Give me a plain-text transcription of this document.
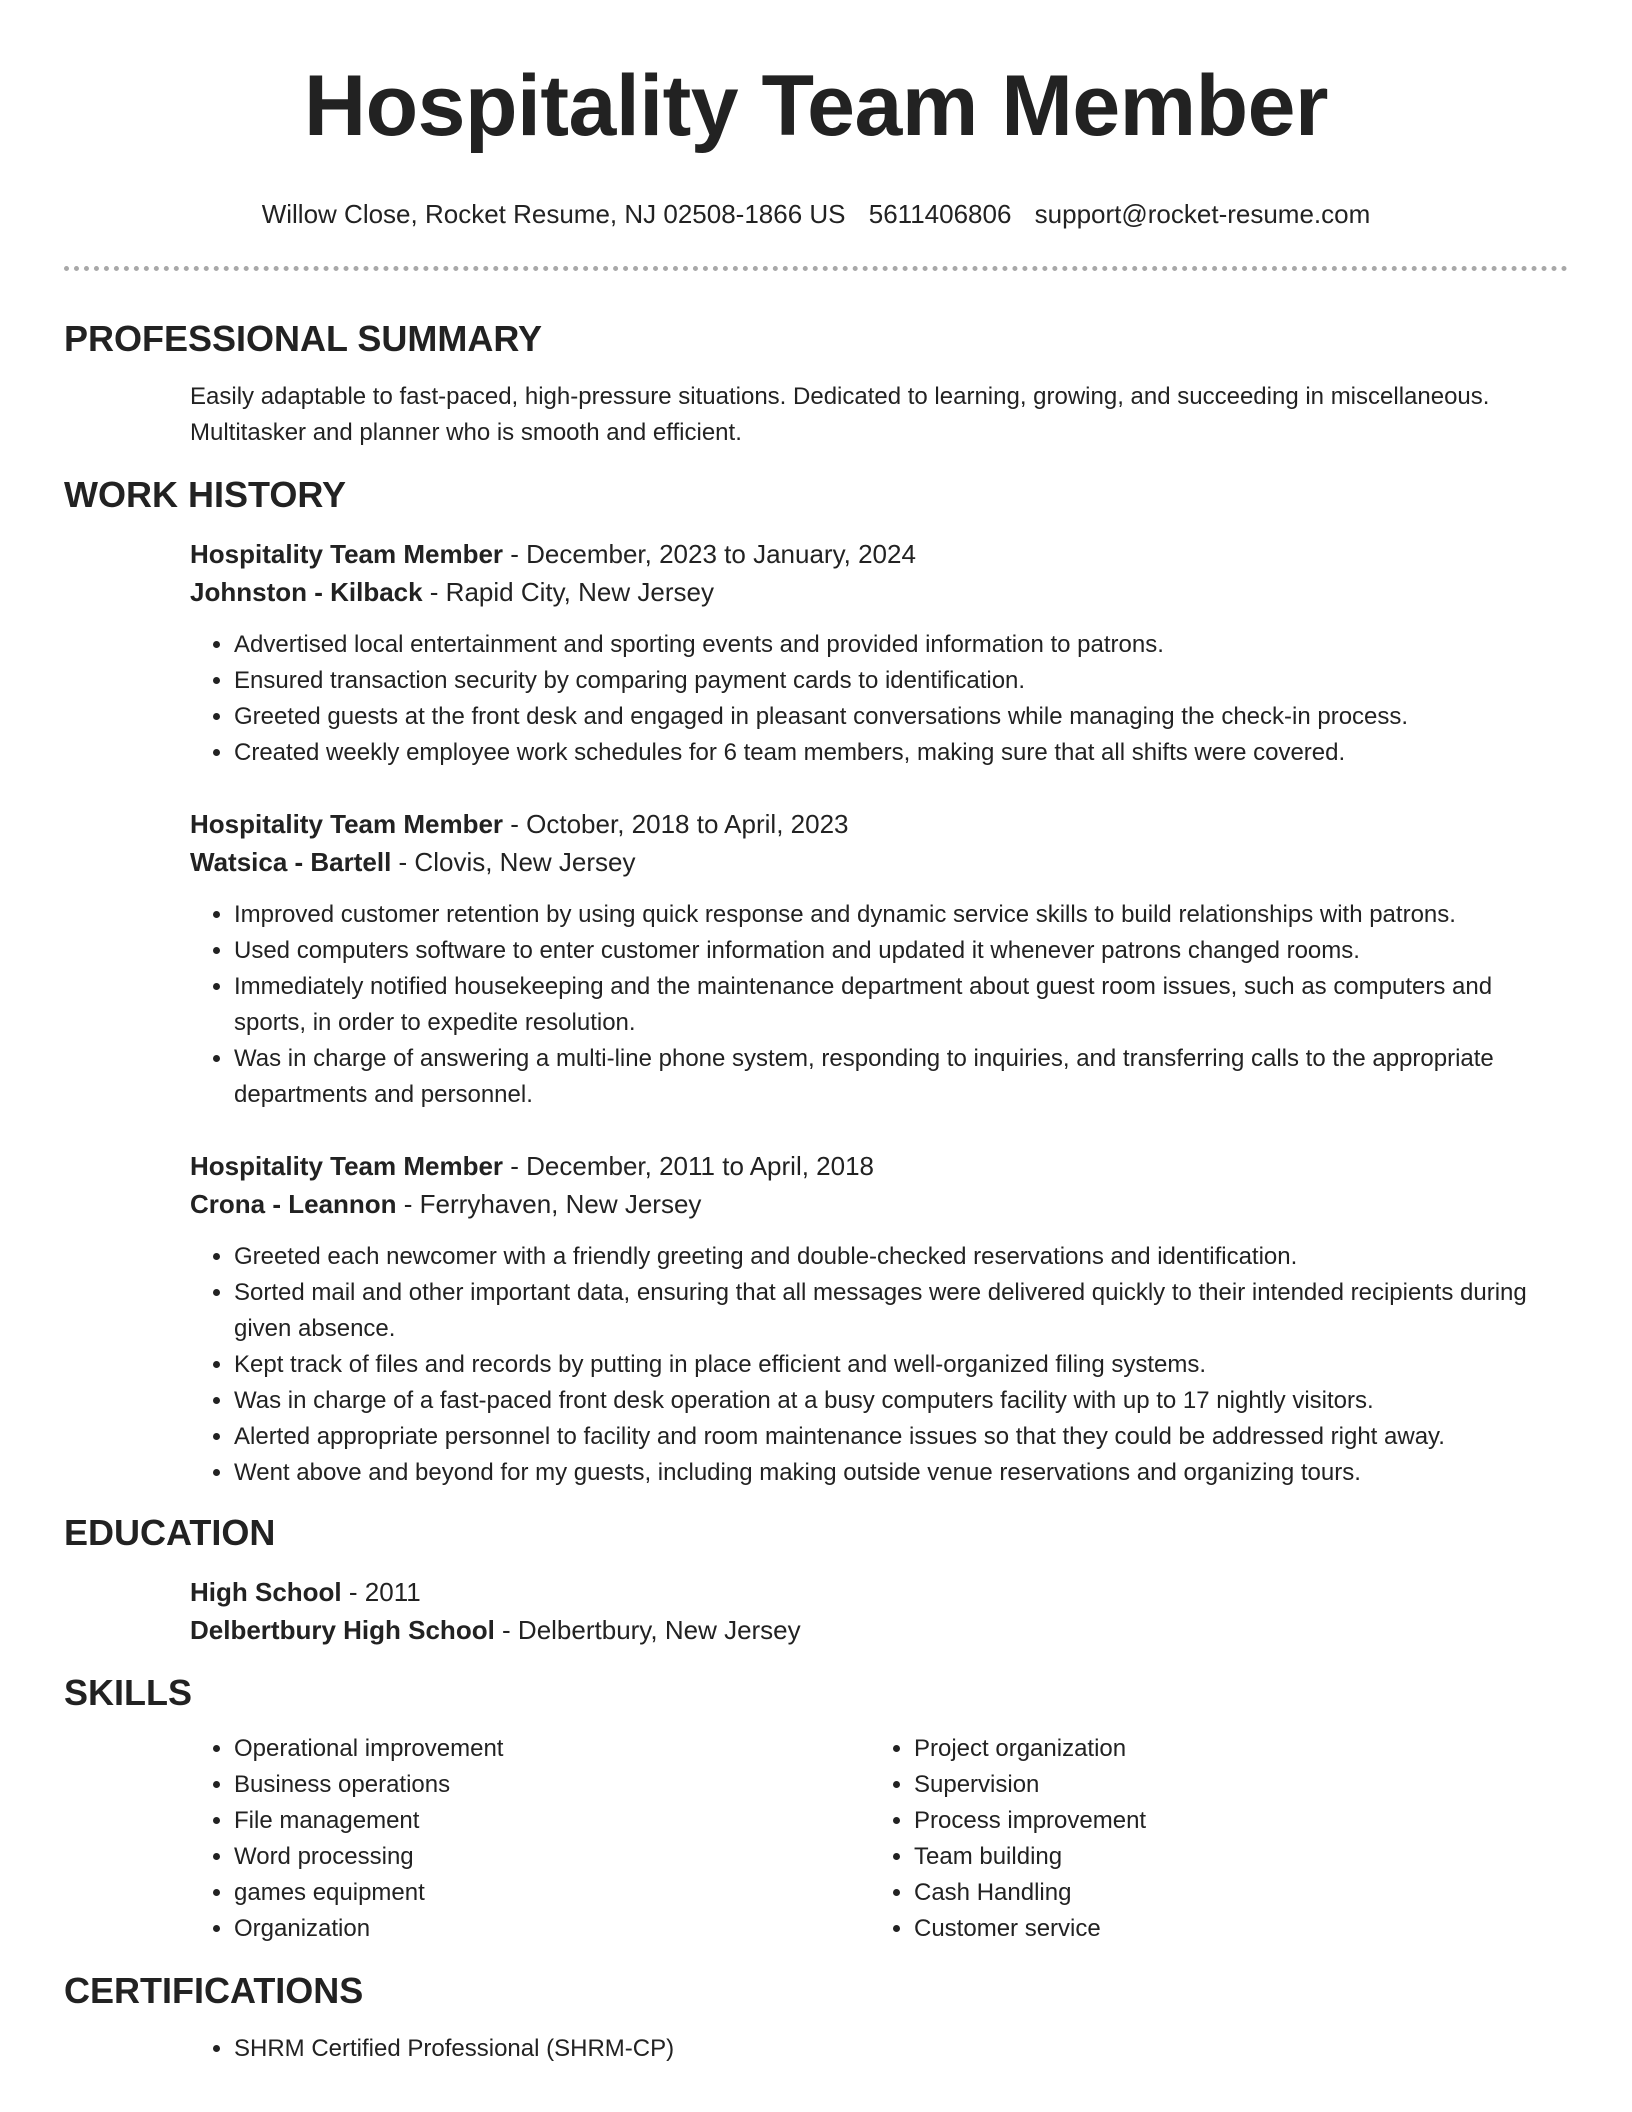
Hospitality Team Member
Willow Close, Rocket Resume, NJ 02508-1866 US 5611406806 support@rocket-resume.com
PROFESSIONAL SUMMARY
Easily adaptable to fast-paced, high-pressure situations. Dedicated to learning, growing, and succeeding in miscellaneous. Multitasker and planner who is smooth and efficient.
WORK HISTORY
Hospitality Team Member - December, 2023 to January, 2024
Johnston - Kilback - Rapid City, New Jersey
• Advertised local entertainment and sporting events and provided information to patrons.
• Ensured transaction security by comparing payment cards to identification.
• Greeted guests at the front desk and engaged in pleasant conversations while managing the check-in process.
• Created weekly employee work schedules for 6 team members, making sure that all shifts were covered.
Hospitality Team Member - October, 2018 to April, 2023
Watsica - Bartell - Clovis, New Jersey
• Improved customer retention by using quick response and dynamic service skills to build relationships with patrons.
• Used computers software to enter customer information and updated it whenever patrons changed rooms.
• Immediately notified housekeeping and the maintenance department about guest room issues, such as computers and sports, in order to expedite resolution.
• Was in charge of answering a multi-line phone system, responding to inquiries, and transferring calls to the appropriate departments and personnel.
Hospitality Team Member - December, 2011 to April, 2018
Crona - Leannon - Ferryhaven, New Jersey
• Greeted each newcomer with a friendly greeting and double-checked reservations and identification.
• Sorted mail and other important data, ensuring that all messages were delivered quickly to their intended recipients during given absence.
• Kept track of files and records by putting in place efficient and well-organized filing systems.
• Was in charge of a fast-paced front desk operation at a busy computers facility with up to 17 nightly visitors.
• Alerted appropriate personnel to facility and room maintenance issues so that they could be addressed right away.
• Went above and beyond for my guests, including making outside venue reservations and organizing tours.
EDUCATION
High School - 2011
Delbertbury High School - Delbertbury, New Jersey
SKILLS
• Operational improvement
• Business operations
• File management
• Word processing
• games equipment
• Organization
• Project organization
• Supervision
• Process improvement
• Team building
• Cash Handling
• Customer service
CERTIFICATIONS
• SHRM Certified Professional (SHRM-CP)
